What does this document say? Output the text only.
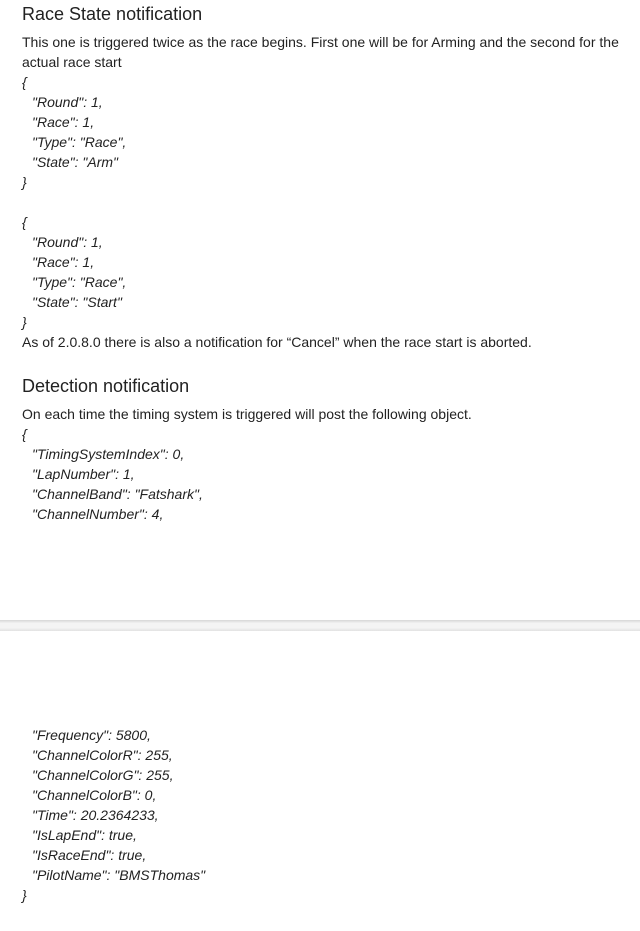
Race State notification

This one is triggered twice as the race begins. First one will be for Arming and the second for the actual race start

{
"Round": 1,
"Race": 1,
"Type": "Race",
"State": "Arm"
}
{
"Round": 1,
"Race": 1,
"Type": "Race",
"State": "Start"
}

As of 2.0.8.0 there is also a notification for “Cancel” when the race start is aborted.

Detection notification

On each time the timing system is triggered will post the following object.

{
"TimingSystemIndex": 0,
"LapNumber": 1,
"ChannelBand": "Fatshark",
"ChannelNumber": 4,
"Frequency": 5800,
"ChannelColorR": 255,
"ChannelColorG": 255,
"ChannelColorB": 0,
"Time": 20.2364233,
"IsLapEnd": true,
"IsRaceEnd": true,
"PilotName": "BMSThomas"
}
